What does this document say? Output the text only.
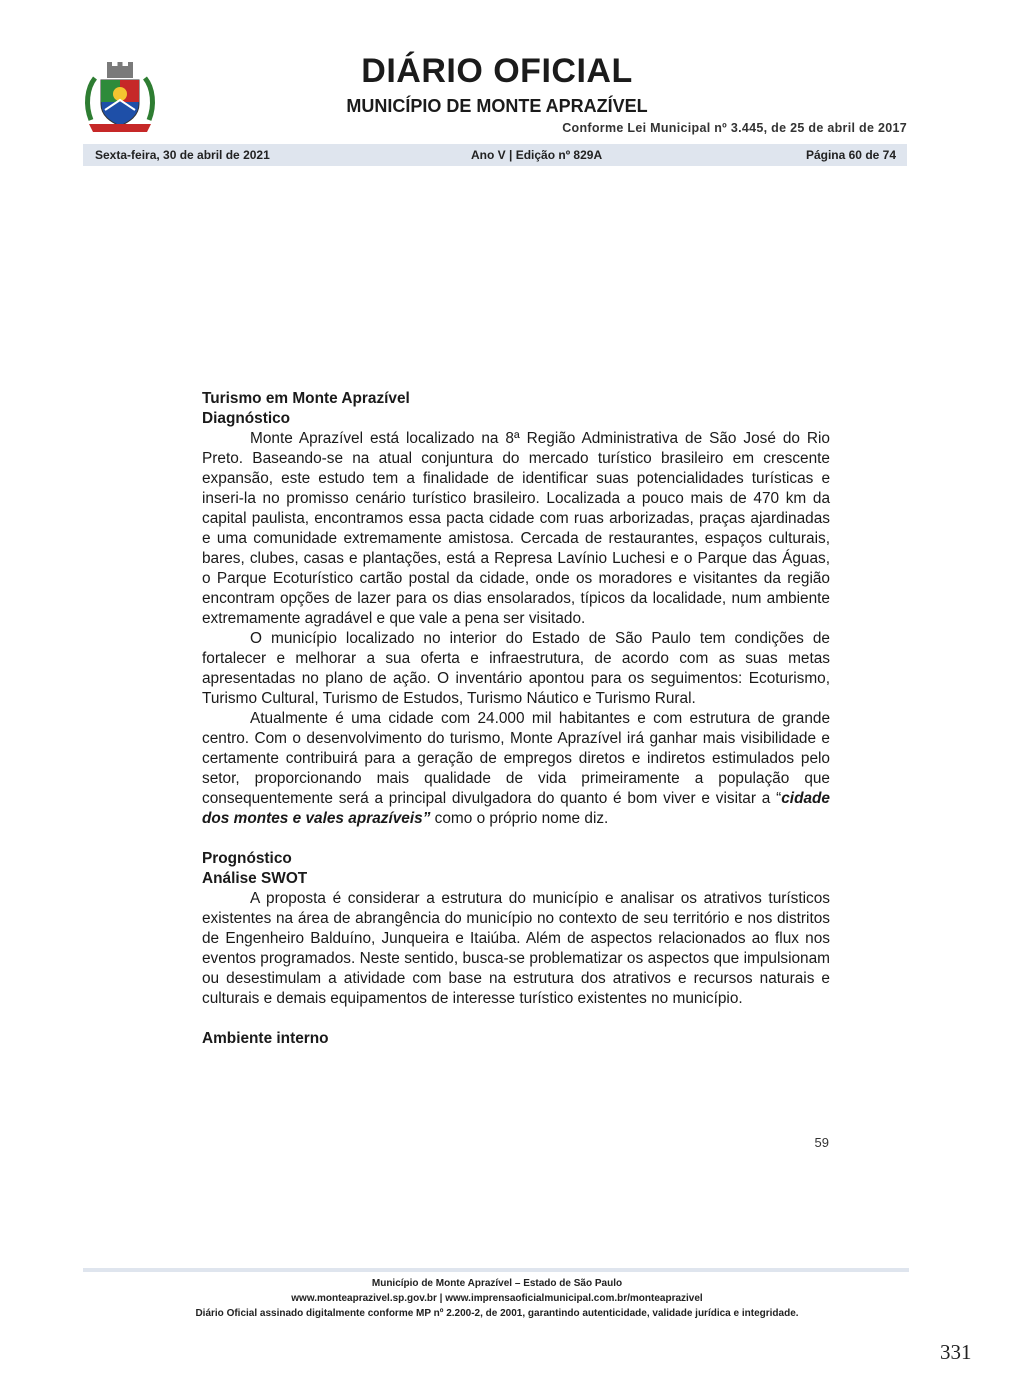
DIÁRIO OFICIAL
MUNICÍPIO DE MONTE APRAZÍVEL
Conforme Lei Municipal nº 3.445, de 25 de abril de 2017
Sexta-feira, 30 de abril de 2021	Ano V | Edição nº 829A	Página 60 de 74

Turismo em Monte Aprazível

Diagnóstico

Monte Aprazível está localizado na 8ª Região Administrativa de São José do Rio Preto. Baseando-se na atual conjuntura do mercado turístico brasileiro em crescente expansão, este estudo tem a finalidade de identificar suas potencialidades turísticas e inseri-la no promisso cenário turístico brasileiro. Localizada a pouco mais de 470 km da capital paulista, encontramos essa pacta cidade com ruas arborizadas, praças ajardinadas e uma comunidade extremamente amistosa. Cercada de restaurantes, espaços culturais, bares, clubes, casas e plantações, está a Represa Lavínio Luchesi e o Parque das Águas, o Parque Ecoturístico cartão postal da cidade, onde os moradores e visitantes da região encontram opções de lazer para os dias ensolarados, típicos da localidade, num ambiente extremamente agradável e que vale a pena ser visitado.

O município localizado no interior do Estado de São Paulo tem condições de fortalecer e melhorar a sua oferta e infraestrutura, de acordo com as suas metas apresentadas no plano de ação. O inventário apontou para os seguimentos: Ecoturismo, Turismo Cultural, Turismo de Estudos, Turismo Náutico e Turismo Rural.

Atualmente é uma cidade com 24.000 mil habitantes e com estrutura de grande centro. Com o desenvolvimento do turismo, Monte Aprazível irá ganhar mais visibilidade e certamente contribuirá para a geração de empregos diretos e indiretos estimulados pelo setor, proporcionando mais qualidade de vida primeiramente a população que consequentemente será a principal divulgadora do quanto é bom viver e visitar a “cidade dos montes e vales aprazíveis” como o próprio nome diz.

Prognóstico

Análise SWOT

A proposta é considerar a estrutura do município e analisar os atrativos turísticos existentes na área de abrangência do município no contexto de seu território e nos distritos de Engenheiro Balduíno, Junqueira e Itaiúba. Além de aspectos relacionados ao flux nos eventos programados. Neste sentido, busca-se problematizar os aspectos que impulsionam ou desestimulam a atividade com base na estrutura dos atrativos e recursos naturais e culturais e demais equipamentos de interesse turístico existentes no município.

Ambiente interno

59
Município de Monte Aprazível – Estado de São Paulo
www.monteaprazivel.sp.gov.br | www.imprensaoficialmunicipal.com.br/monteaprazivel
Diário Oficial assinado digitalmente conforme MP nº 2.200-2, de 2001, garantindo autenticidade, validade jurídica e integridade.
331
